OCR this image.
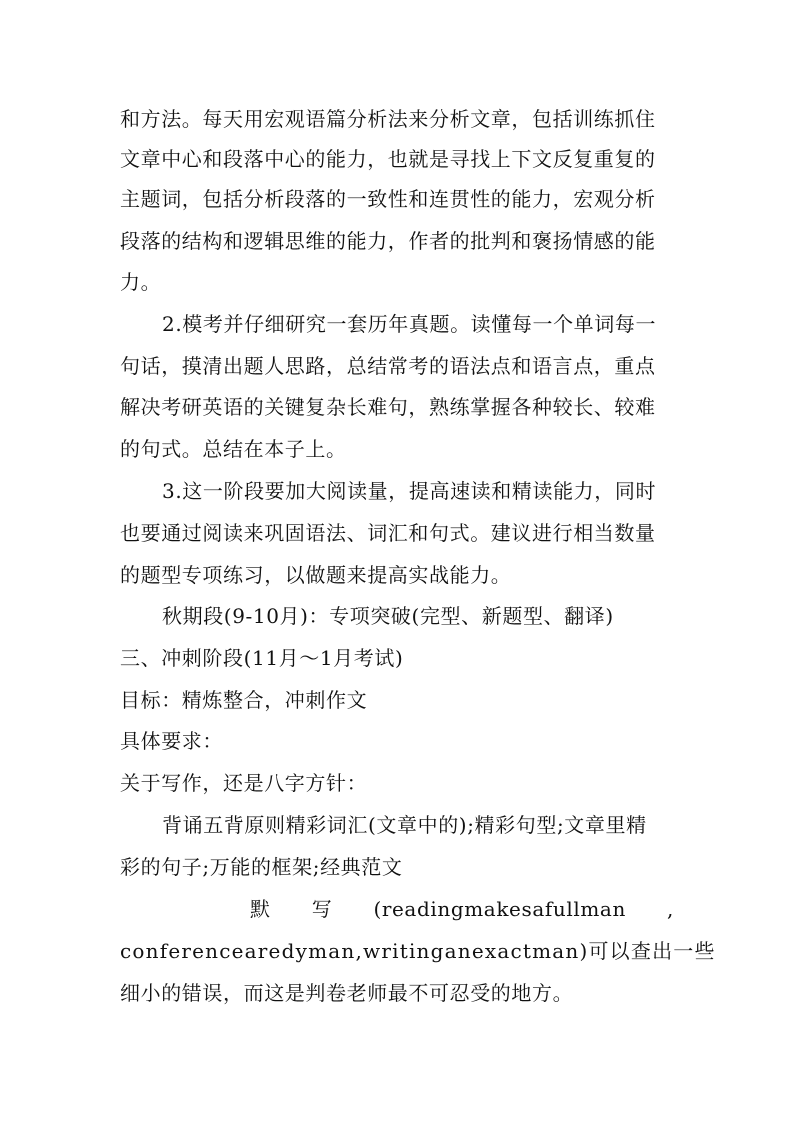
和方法。每天用宏观语篇分析法来分析文章，包括训练抓住
文章中心和段落中心的能力，也就是寻找上下文反复重复的
主题词，包括分析段落的一致性和连贯性的能力，宏观分析
段落的结构和逻辑思维的能力，作者的批判和褒扬情感的能
力。
2.模考并仔细研究一套历年真题。读懂每一个单词每一
句话，摸清出题人思路，总结常考的语法点和语言点，重点
解决考研英语的关键复杂长难句，熟练掌握各种较长、较难
的句式。总结在本子上。
3.这一阶段要加大阅读量，提高速读和精读能力，同时
也要通过阅读来巩固语法、词汇和句式。建议进行相当数量
的题型专项练习，以做题来提高实战能力。
秋期段(9-10月)：专项突破(完型、新题型、翻译)
三、冲刺阶段(11月～1月考试)
目标：精炼整合，冲刺作文
具体要求：
关于写作，还是八字方针：
背诵五背原则精彩词汇(文章中的);精彩句型;文章里精
彩的句子;万能的框架;经典范文
默 写 (readingmakesafullman ,
conferencearedyman,writinganexactman)可以查出一些
细小的错误，而这是判卷老师最不可忍受的地方。
